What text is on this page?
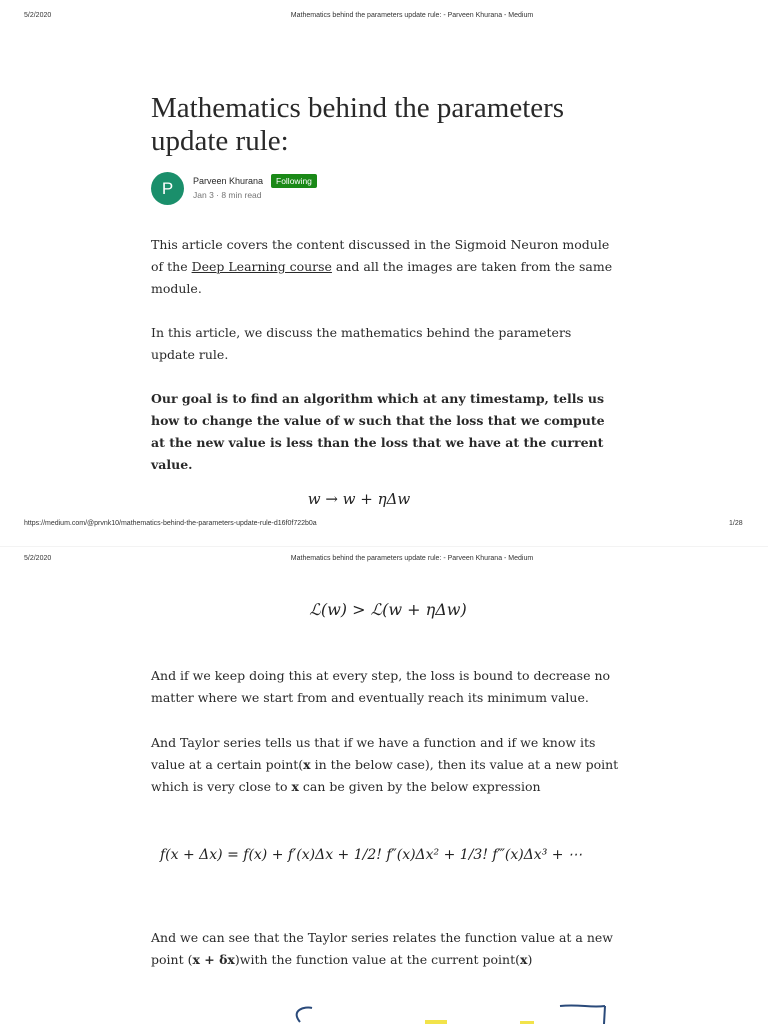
5/2/2020	Mathematics behind the parameters update rule: - Parveen Khurana - Medium
Mathematics behind the parameters update rule:
P Parveen Khurana	Following
Jan 3 · 8 min read
This article covers the content discussed in the Sigmoid Neuron module of the Deep Learning course and all the images are taken from the same module.
In this article, we discuss the mathematics behind the parameters update rule.
Our goal is to find an algorithm which at any timestamp, tells us how to change the value of w such that the loss that we compute at the new value is less than the loss that we have at the current value.
w → w + ηΔw
https://medium.com/@prvnk10/mathematics-behind-the-parameters-update-rule-d16f0f722b0a	1/28
5/2/2020	Mathematics behind the parameters update rule: - Parveen Khurana - Medium
ℒ(w) > ℒ(w + ηΔw)
And if we keep doing this at every step, the loss is bound to decrease no matter where we start from and eventually reach its minimum value.
And Taylor series tells us that if we have a function and if we know its value at a certain point(x in the below case), then its value at a new point which is very close to x can be given by the below expression
f(x + Δx) = f(x) + f′(x)Δx + 1/2! f″(x)Δx² + 1/3! f‴(x)Δx³ + ⋯
And we can see that the Taylor series relates the function value at a new point (x + δx)with the function value at the current point(x)
